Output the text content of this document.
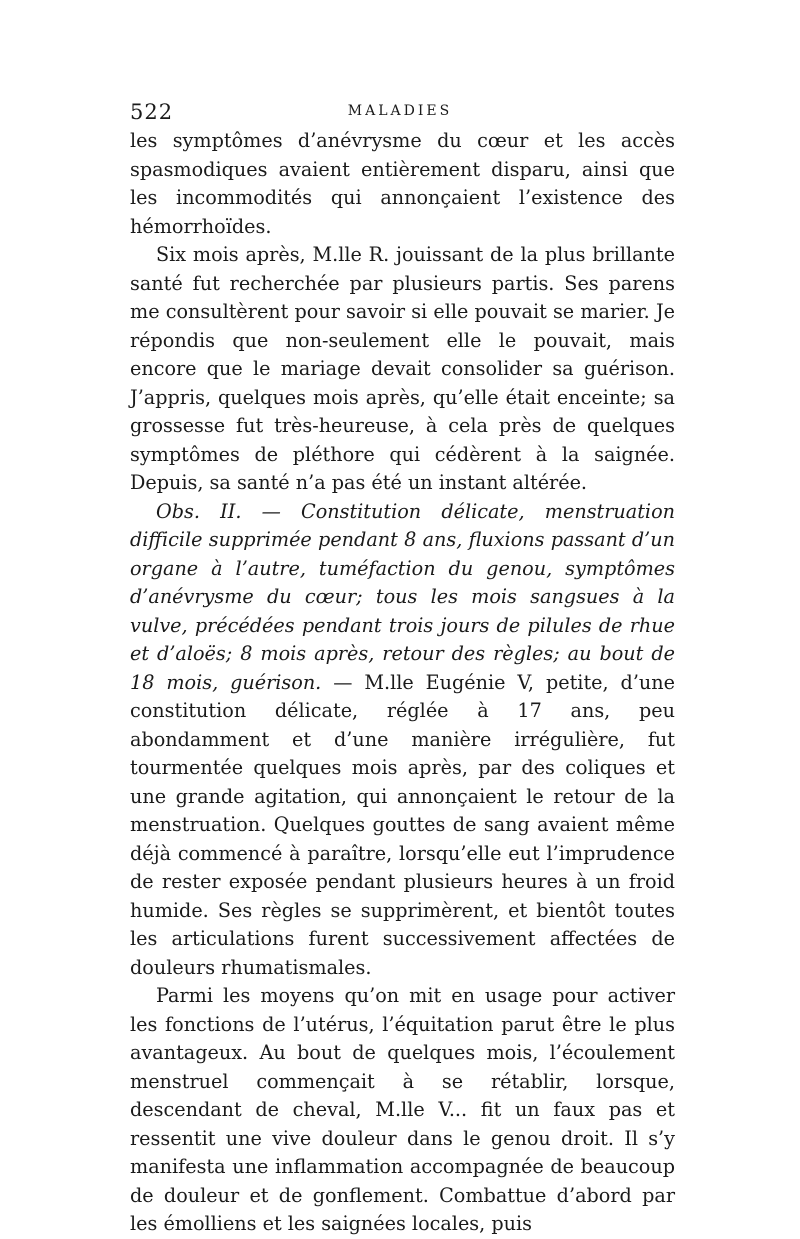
522	MALADIES

les symptômes d’anévrysme du cœur et les accès spasmodiques avaient entièrement disparu, ainsi que les incommodités qui annonçaient l’existence des hémorrhoïdes.

Six mois après, M.lle R. jouissant de la plus brillante santé fut recherchée par plusieurs partis. Ses parens me consultèrent pour savoir si elle pouvait se marier. Je répondis que non-seulement elle le pouvait, mais encore que le mariage devait consolider sa guérison. J’appris, quelques mois après, qu’elle était enceinte; sa grossesse fut très-heureuse, à cela près de quelques symptômes de pléthore qui cédèrent à la saignée. Depuis, sa santé n’a pas été un instant altérée.

Obs. II. — Constitution délicate, menstruation difficile supprimée pendant 8 ans, fluxions passant d’un organe à l’autre, tuméfaction du genou, symptômes d’anévrysme du cœur; tous les mois sangsues à la vulve, précédées pendant trois jours de pilules de rhue et d’aloës; 8 mois après, retour des règles; au bout de 18 mois, guérison. — M.lle Eugénie V, petite, d’une constitution délicate, réglée à 17 ans, peu abondamment et d’une manière irrégulière, fut tourmentée quelques mois après, par des coliques et une grande agitation, qui annonçaient le retour de la menstruation. Quelques gouttes de sang avaient même déjà commencé à paraître, lorsqu’elle eut l’imprudence de rester exposée pendant plusieurs heures à un froid humide. Ses règles se supprimèrent, et bientôt toutes les articulations furent successivement affectées de douleurs rhumatismales.

Parmi les moyens qu’on mit en usage pour activer les fonctions de l’utérus, l’équitation parut être le plus avantageux. Au bout de quelques mois, l’écoulement menstruel commençait à se rétablir, lorsque, descendant de cheval, M.lle V... fit un faux pas et ressentit une vive douleur dans le genou droit. Il s’y manifesta une inflammation accompagnée de beaucoup de douleur et de gonflement. Combattue d’abord par les émolliens et les saignées locales, puis
